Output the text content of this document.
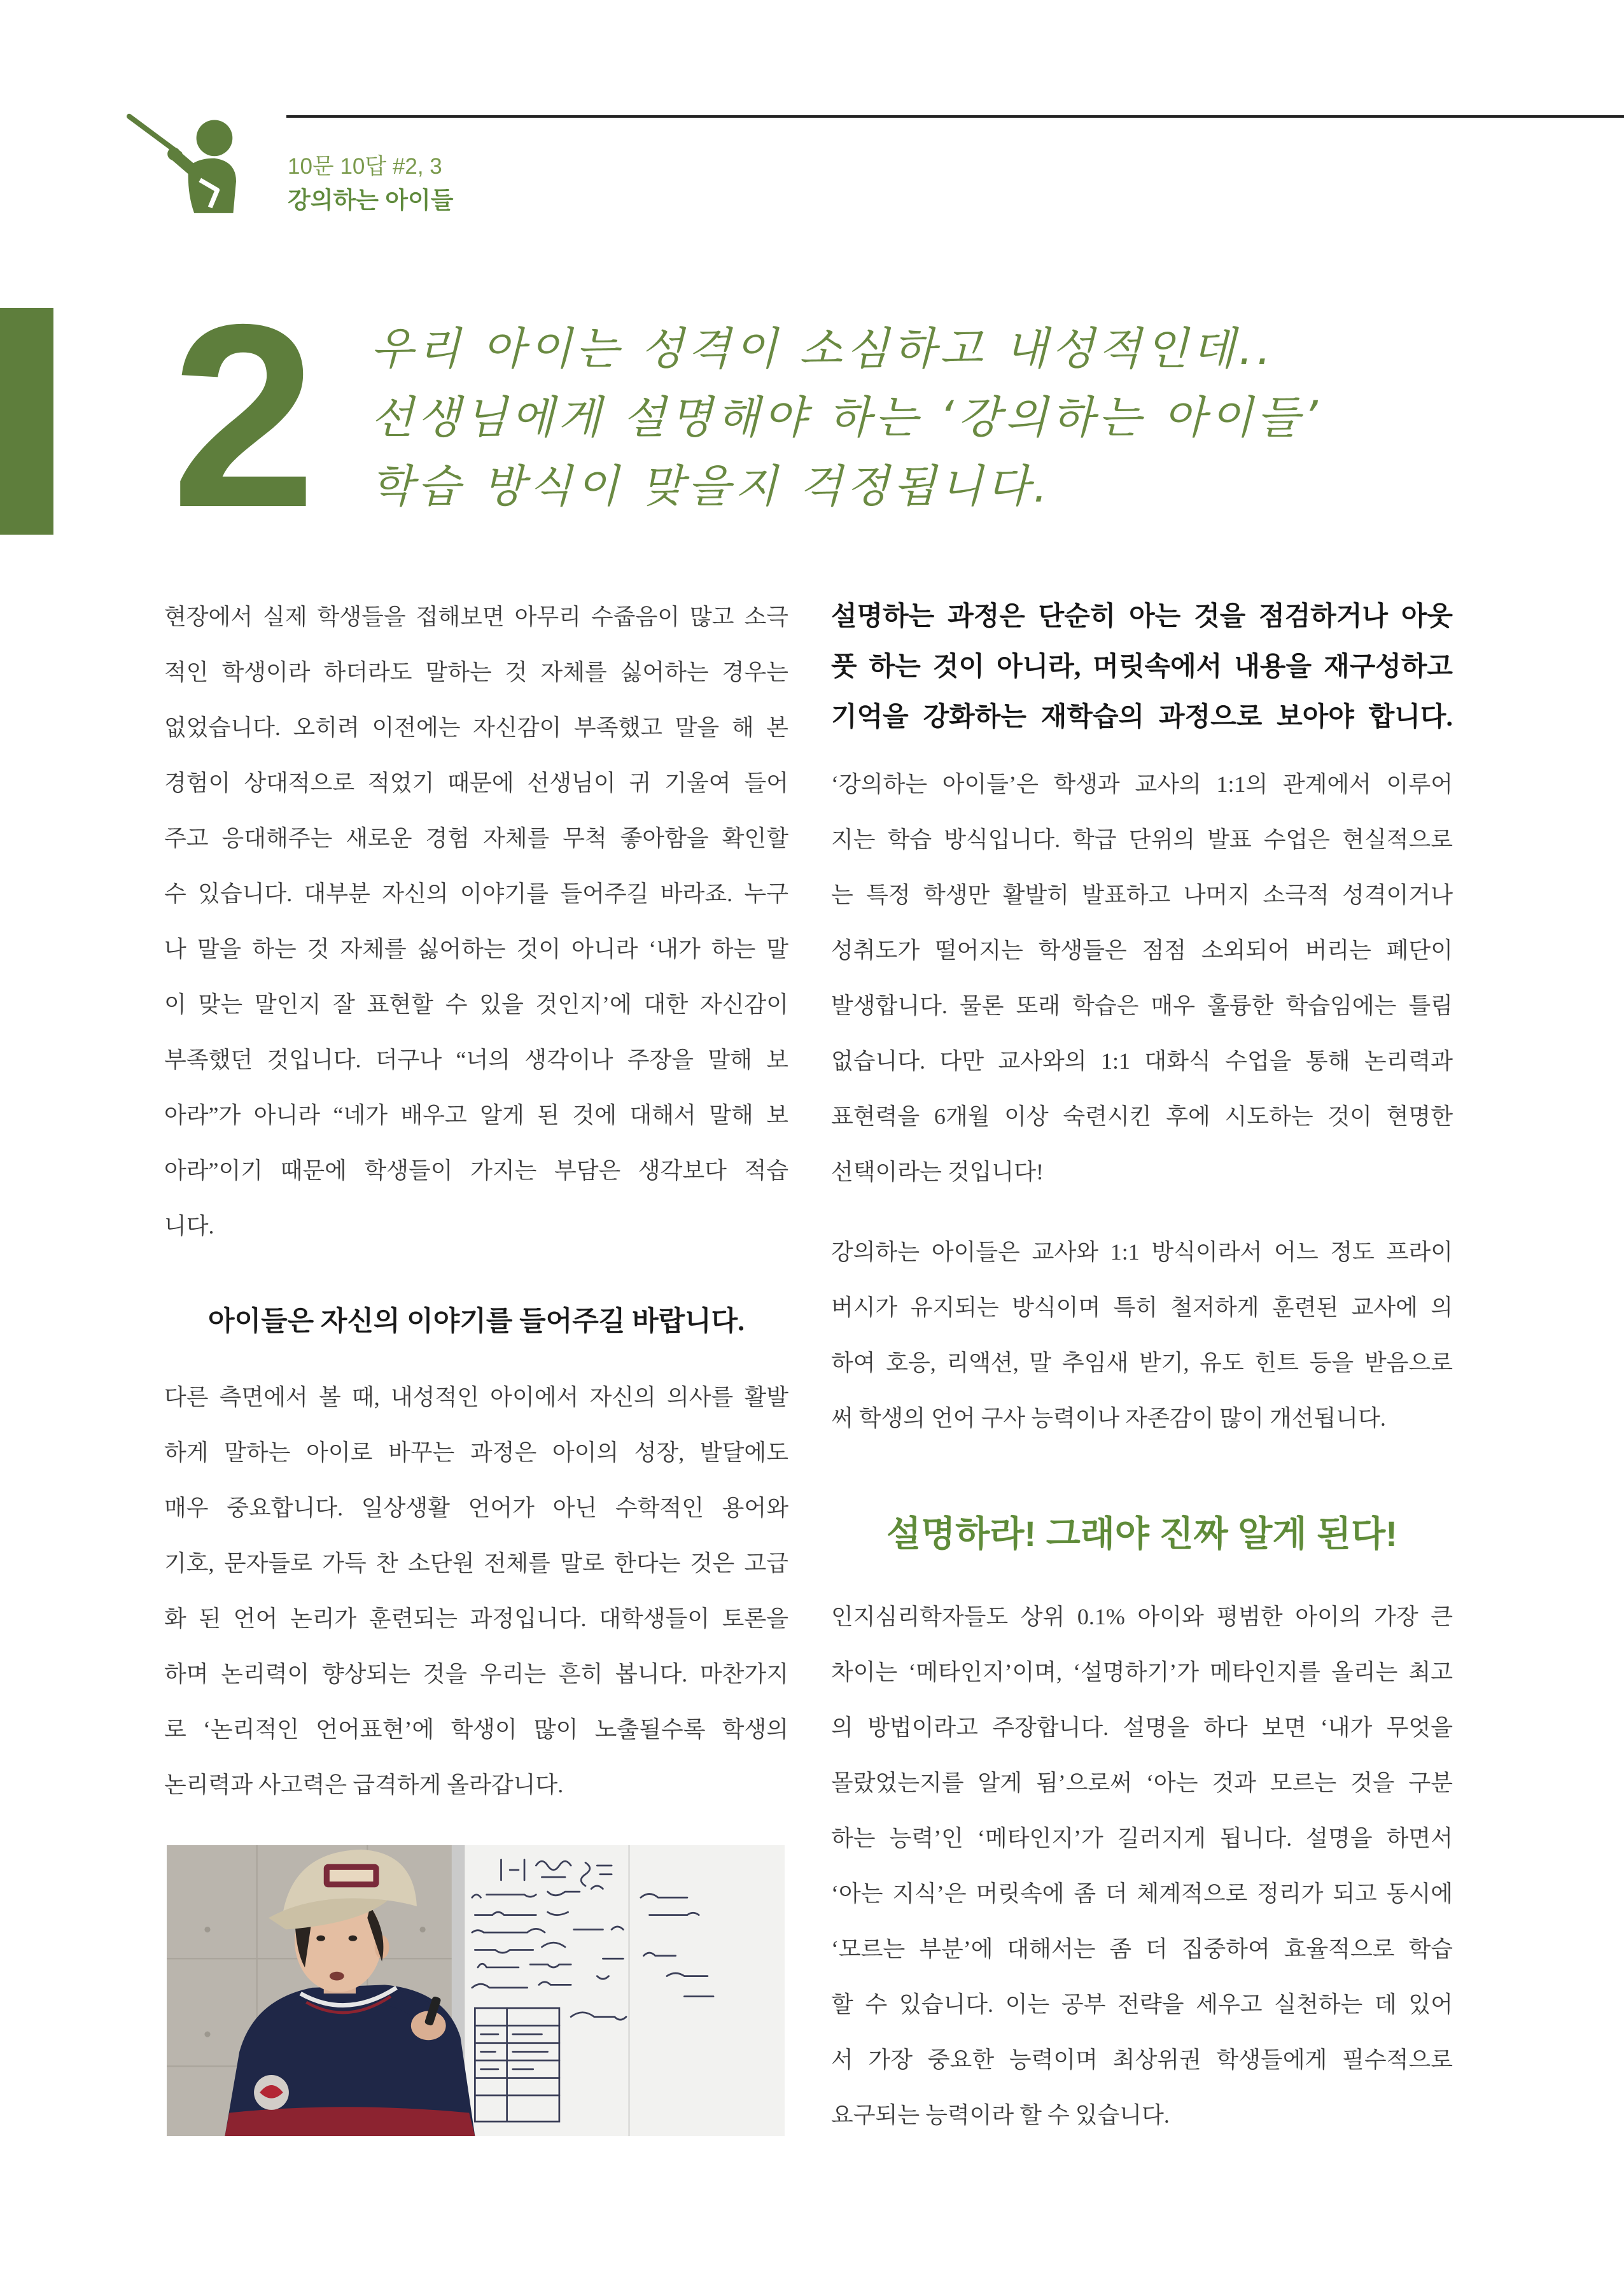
10문 10답 #2, 3
강의하는 아이들
2 우리 아이는 성격이 소심하고 내성적인데..
선생님에게 설명해야 하는 ‘강의하는 아이들’
학습 방식이 맞을지 걱정됩니다.
현장에서 실제 학생들을 접해보면 아무리 수줍음이 많고 소극
적인 학생이라 하더라도 말하는 것 자체를 싫어하는 경우는
없었습니다. 오히려 이전에는 자신감이 부족했고 말을 해 본
경험이 상대적으로 적었기 때문에 선생님이 귀 기울여 들어
주고 응대해주는 새로운 경험 자체를 무척 좋아함을 확인할
수 있습니다. 대부분 자신의 이야기를 들어주길 바라죠. 누구
나 말을 하는 것 자체를 싫어하는 것이 아니라 ‘내가 하는 말
이 맞는 말인지 잘 표현할 수 있을 것인지’에 대한 자신감이
부족했던 것입니다. 더구나 “너의 생각이나 주장을 말해 보
아라”가 아니라 “네가 배우고 알게 된 것에 대해서 말해 보
아라”이기 때문에 학생들이 가지는 부담은 생각보다 적습
니다.
아이들은 자신의 이야기를 들어주길 바랍니다.
다른 측면에서 볼 때, 내성적인 아이에서 자신의 의사를 활발
하게 말하는 아이로 바꾸는 과정은 아이의 성장, 발달에도
매우 중요합니다. 일상생활 언어가 아닌 수학적인 용어와
기호, 문자들로 가득 찬 소단원 전체를 말로 한다는 것은 고급
화 된 언어 논리가 훈련되는 과정입니다. 대학생들이 토론을
하며 논리력이 향상되는 것을 우리는 흔히 봅니다. 마찬가지
로 ‘논리적인 언어표현’에 학생이 많이 노출될수록 학생의
논리력과 사고력은 급격하게 올라갑니다.
설명하는 과정은 단순히 아는 것을 점검하거나 아웃
풋 하는 것이 아니라, 머릿속에서 내용을 재구성하고
기억을 강화하는 재학습의 과정으로 보아야 합니다.
‘강의하는 아이들’은 학생과 교사의 1:1의 관계에서 이루어
지는 학습 방식입니다. 학급 단위의 발표 수업은 현실적으로
는 특정 학생만 활발히 발표하고 나머지 소극적 성격이거나
성취도가 떨어지는 학생들은 점점 소외되어 버리는 폐단이
발생합니다. 물론 또래 학습은 매우 훌륭한 학습임에는 틀림
없습니다. 다만 교사와의 1:1 대화식 수업을 통해 논리력과
표현력을 6개월 이상 숙련시킨 후에 시도하는 것이 현명한
선택이라는 것입니다!
강의하는 아이들은 교사와 1:1 방식이라서 어느 정도 프라이
버시가 유지되는 방식이며 특히 철저하게 훈련된 교사에 의
하여 호응, 리액션, 말 추임새 받기, 유도 힌트 등을 받음으로
써 학생의 언어 구사 능력이나 자존감이 많이 개선됩니다.
설명하라! 그래야 진짜 알게 된다!
인지심리학자들도 상위 0.1% 아이와 평범한 아이의 가장 큰
차이는 ‘메타인지’이며, ‘설명하기’가 메타인지를 올리는 최고
의 방법이라고 주장합니다. 설명을 하다 보면 ‘내가 무엇을
몰랐었는지를 알게 됨’으로써 ‘아는 것과 모르는 것을 구분
하는 능력’인 ‘메타인지’가 길러지게 됩니다. 설명을 하면서
‘아는 지식’은 머릿속에 좀 더 체계적으로 정리가 되고 동시에
‘모르는 부분’에 대해서는 좀 더 집중하여 효율적으로 학습
할 수 있습니다. 이는 공부 전략을 세우고 실천하는 데 있어
서 가장 중요한 능력이며 최상위권 학생들에게 필수적으로
요구되는 능력이라 할 수 있습니다.
